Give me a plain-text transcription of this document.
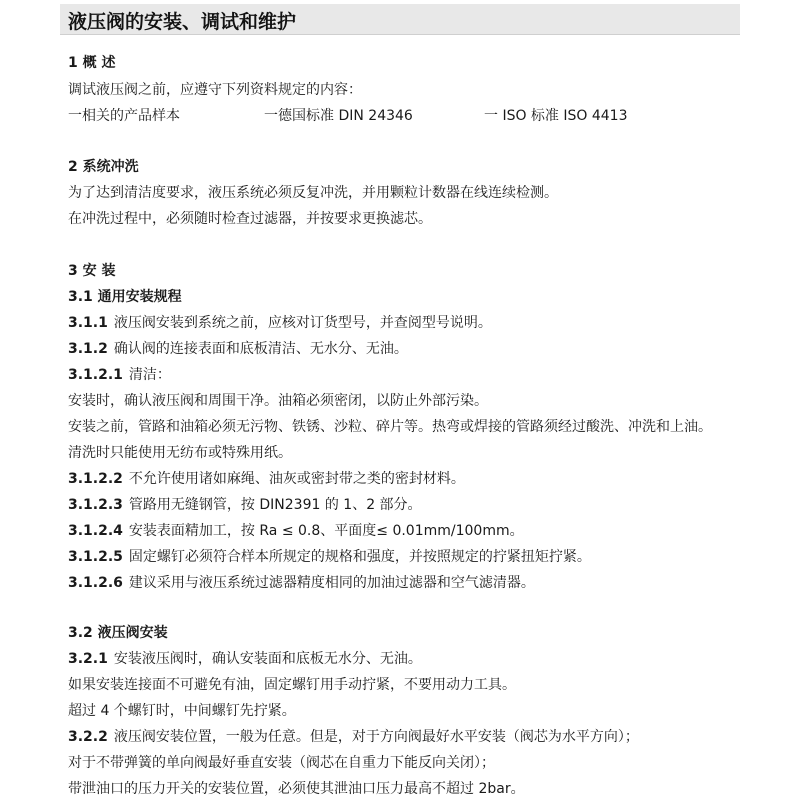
液压阀的安装、调试和维护
1 概 述
调试液压阀之前，应遵守下列资料规定的内容：
一相关的产品样本	一德国标准 DIN 24346	一 ISO 标准 ISO 4413
2 系统冲洗
为了达到清洁度要求，液压系统必须反复冲洗，并用颗粒计数器在线连续检测。
在冲洗过程中，必须随时检查过滤器，并按要求更换滤芯。
3 安 装
3.1 通用安装规程
3.1.1 液压阀安装到系统之前，应核对订货型号，并查阅型号说明。
3.1.2 确认阀的连接表面和底板清洁、无水分、无油。
3.1.2.1 清洁：
安装时，确认液压阀和周围干净。油箱必须密闭，以防止外部污染。
安装之前，管路和油箱必须无污物、铁锈、沙粒、碎片等。热弯或焊接的管路须经过酸洗、冲洗和上油。
清洗时只能使用无纺布或特殊用纸。
3.1.2.2 不允许使用诸如麻绳、油灰或密封带之类的密封材料。
3.1.2.3 管路用无缝钢管，按 DIN2391 的 1、2 部分。
3.1.2.4 安装表面精加工，按 Ra ≤ 0.8、平面度≤ 0.01mm/100mm。
3.1.2.5 固定螺钉必须符合样本所规定的规格和强度，并按照规定的拧紧扭矩拧紧。
3.1.2.6 建议采用与液压系统过滤器精度相同的加油过滤器和空气滤清器。
3.2 液压阀安装
3.2.1 安装液压阀时，确认安装面和底板无水分、无油。
如果安装连接面不可避免有油，固定螺钉用手动拧紧，不要用动力工具。
超过 4 个螺钉时，中间螺钉先拧紧。
3.2.2 液压阀安装位置，一般为任意。但是，对于方向阀最好水平安装（阀芯为水平方向）；
对于不带弹簧的单向阀最好垂直安装（阀芯在自重力下能反向关闭）；
带泄油口的压力开关的安装位置，必须使其泄油口压力最高不超过 2bar。
